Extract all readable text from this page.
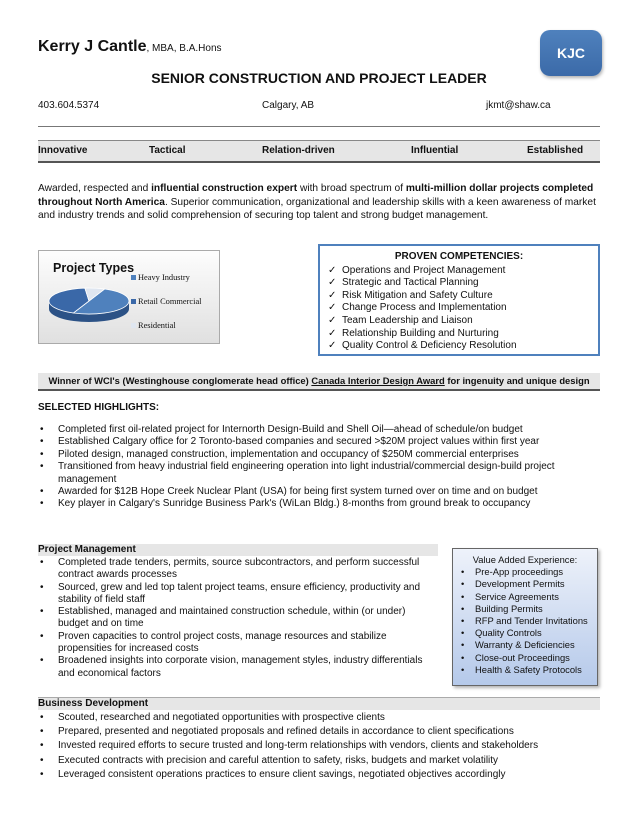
Kerry J Cantle, MBA, B.A.Hons	KJC
SENIOR CONSTRUCTION AND PROJECT LEADER
403.604.5374	Calgary, AB	jkmt@shaw.ca
Innovative	Tactical	Relation-driven	Influential	Established
Awarded, respected and influential construction expert with broad spectrum of multi-million dollar projects completed throughout North America. Superior communication, organizational and leadership skills with a keen awareness of market and industry trends and solid comprehension of securing top talent and strong budget management.
Project Types
Heavy Industry
Retail Commercial
Residential
PROVEN COMPETENCIES:
✓ Operations and Project Management
✓ Strategic and Tactical Planning
✓ Risk Mitigation and Safety Culture
✓ Change Process and Implementation
✓ Team Leadership and Liaison
✓ Relationship Building and Nurturing
✓ Quality Control & Deficiency Resolution
Winner of WCI's (Westinghouse conglomerate head office) Canada Interior Design Award for ingenuity and unique design
SELECTED HIGHLIGHTS:
• Completed first oil-related project for Internorth Design-Build and Shell Oil—ahead of schedule/on budget
• Established Calgary office for 2 Toronto-based companies and secured >$20M project values within first year
• Piloted design, managed construction, implementation and occupancy of $250M commercial enterprises
• Transitioned from heavy industrial field engineering operation into light industrial/commercial design-build project management
• Awarded for $12B Hope Creek Nuclear Plant (USA) for being first system turned over on time and on budget
• Key player in Calgary's Sunridge Business Park's (WiLan Bldg.) 8-months from ground break to occupancy
Project Management
• Completed trade tenders, permits, source subcontractors, and perform successful contract awards processes
• Sourced, grew and led top talent project teams, ensure efficiency, productivity and stability of field staff
• Established, managed and maintained construction schedule, within (or under) budget and on time
• Proven capacities to control project costs, manage resources and stabilize propensities for increased costs
• Broadened insights into corporate vision, management styles, industry differentials and economical factors
Value Added Experience:
• Pre-App proceedings
• Development Permits
• Service Agreements
• Building Permits
• RFP and Tender Invitations
• Quality Controls
• Warranty & Deficiencies
• Close-out Proceedings
• Health & Safety Protocols
Business Development
• Scouted, researched and negotiated opportunities with prospective clients
• Prepared, presented and negotiated proposals and refined details in accordance to client specifications
• Invested required efforts to secure trusted and long-term relationships with vendors, clients and stakeholders
• Executed contracts with precision and careful attention to safety, risks, budgets and market volatility
• Leveraged consistent operations practices to ensure client savings, negotiated objectives accordingly
